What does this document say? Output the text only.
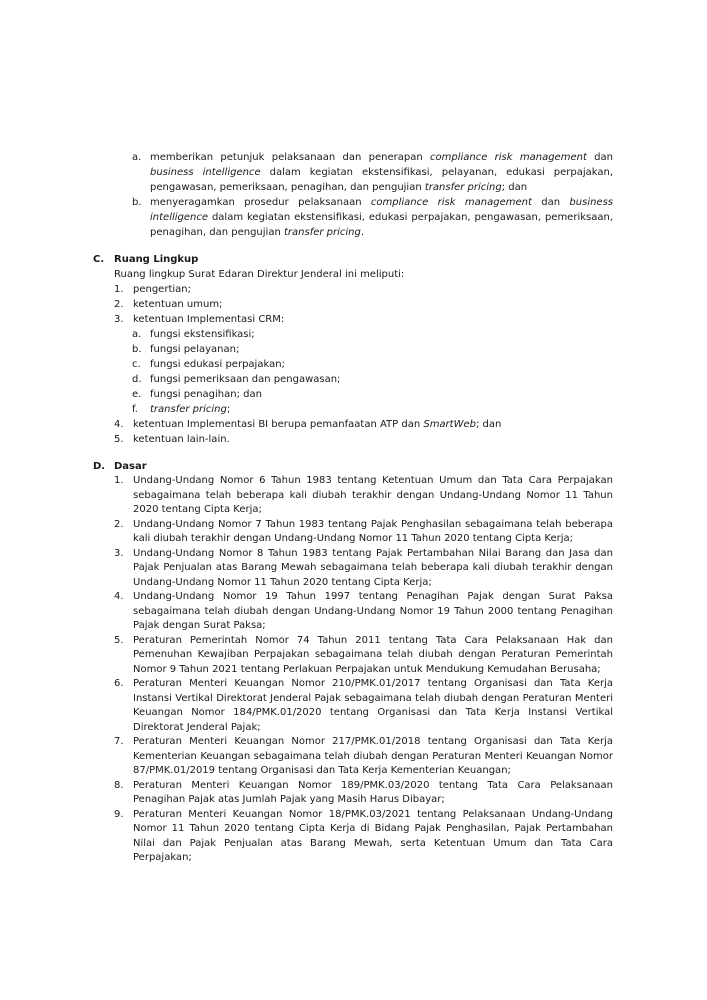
a. memberikan petunjuk pelaksanaan dan penerapan compliance risk management dan business intelligence dalam kegiatan ekstensifikasi, pelayanan, edukasi perpajakan, pengawasan, pemeriksaan, penagihan, dan pengujian transfer pricing; dan
b. menyeragamkan prosedur pelaksanaan compliance risk management dan business intelligence dalam kegiatan ekstensifikasi, edukasi perpajakan, pengawasan, pemeriksaan, penagihan, dan pengujian transfer pricing.
C. Ruang Lingkup
Ruang lingkup Surat Edaran Direktur Jenderal ini meliputi:
1. pengertian;
2. ketentuan umum;
3. ketentuan Implementasi CRM:
a. fungsi ekstensifikasi;
b. fungsi pelayanan;
c. fungsi edukasi perpajakan;
d. fungsi pemeriksaan dan pengawasan;
e. fungsi penagihan; dan
f. transfer pricing;
4. ketentuan Implementasi BI berupa pemanfaatan ATP dan SmartWeb; dan
5. ketentuan lain-lain.
D. Dasar
1. Undang-Undang Nomor 6 Tahun 1983 tentang Ketentuan Umum dan Tata Cara Perpajakan sebagaimana telah beberapa kali diubah terakhir dengan Undang-Undang Nomor 11 Tahun 2020 tentang Cipta Kerja;
2. Undang-Undang Nomor 7 Tahun 1983 tentang Pajak Penghasilan sebagaimana telah beberapa kali diubah terakhir dengan Undang-Undang Nomor 11 Tahun 2020 tentang Cipta Kerja;
3. Undang-Undang Nomor 8 Tahun 1983 tentang Pajak Pertambahan Nilai Barang dan Jasa dan Pajak Penjualan atas Barang Mewah sebagaimana telah beberapa kali diubah terakhir dengan Undang-Undang Nomor 11 Tahun 2020 tentang Cipta Kerja;
4. Undang-Undang Nomor 19 Tahun 1997 tentang Penagihan Pajak dengan Surat Paksa sebagaimana telah diubah dengan Undang-Undang Nomor 19 Tahun 2000 tentang Penagihan Pajak dengan Surat Paksa;
5. Peraturan Pemerintah Nomor 74 Tahun 2011 tentang Tata Cara Pelaksanaan Hak dan Pemenuhan Kewajiban Perpajakan sebagaimana telah diubah dengan Peraturan Pemerintah Nomor 9 Tahun 2021 tentang Perlakuan Perpajakan untuk Mendukung Kemudahan Berusaha;
6. Peraturan Menteri Keuangan Nomor 210/PMK.01/2017 tentang Organisasi dan Tata Kerja Instansi Vertikal Direktorat Jenderal Pajak sebagaimana telah diubah dengan Peraturan Menteri Keuangan Nomor 184/PMK.01/2020 tentang Organisasi dan Tata Kerja Instansi Vertikal Direktorat Jenderal Pajak;
7. Peraturan Menteri Keuangan Nomor 217/PMK.01/2018 tentang Organisasi dan Tata Kerja Kementerian Keuangan sebagaimana telah diubah dengan Peraturan Menteri Keuangan Nomor 87/PMK.01/2019 tentang Organisasi dan Tata Kerja Kementerian Keuangan;
8. Peraturan Menteri Keuangan Nomor 189/PMK.03/2020 tentang Tata Cara Pelaksanaan Penagihan Pajak atas Jumlah Pajak yang Masih Harus Dibayar;
9. Peraturan Menteri Keuangan Nomor 18/PMK.03/2021 tentang Pelaksanaan Undang-Undang Nomor 11 Tahun 2020 tentang Cipta Kerja di Bidang Pajak Penghasilan, Pajak Pertambahan Nilai dan Pajak Penjualan atas Barang Mewah, serta Ketentuan Umum dan Tata Cara Perpajakan;
